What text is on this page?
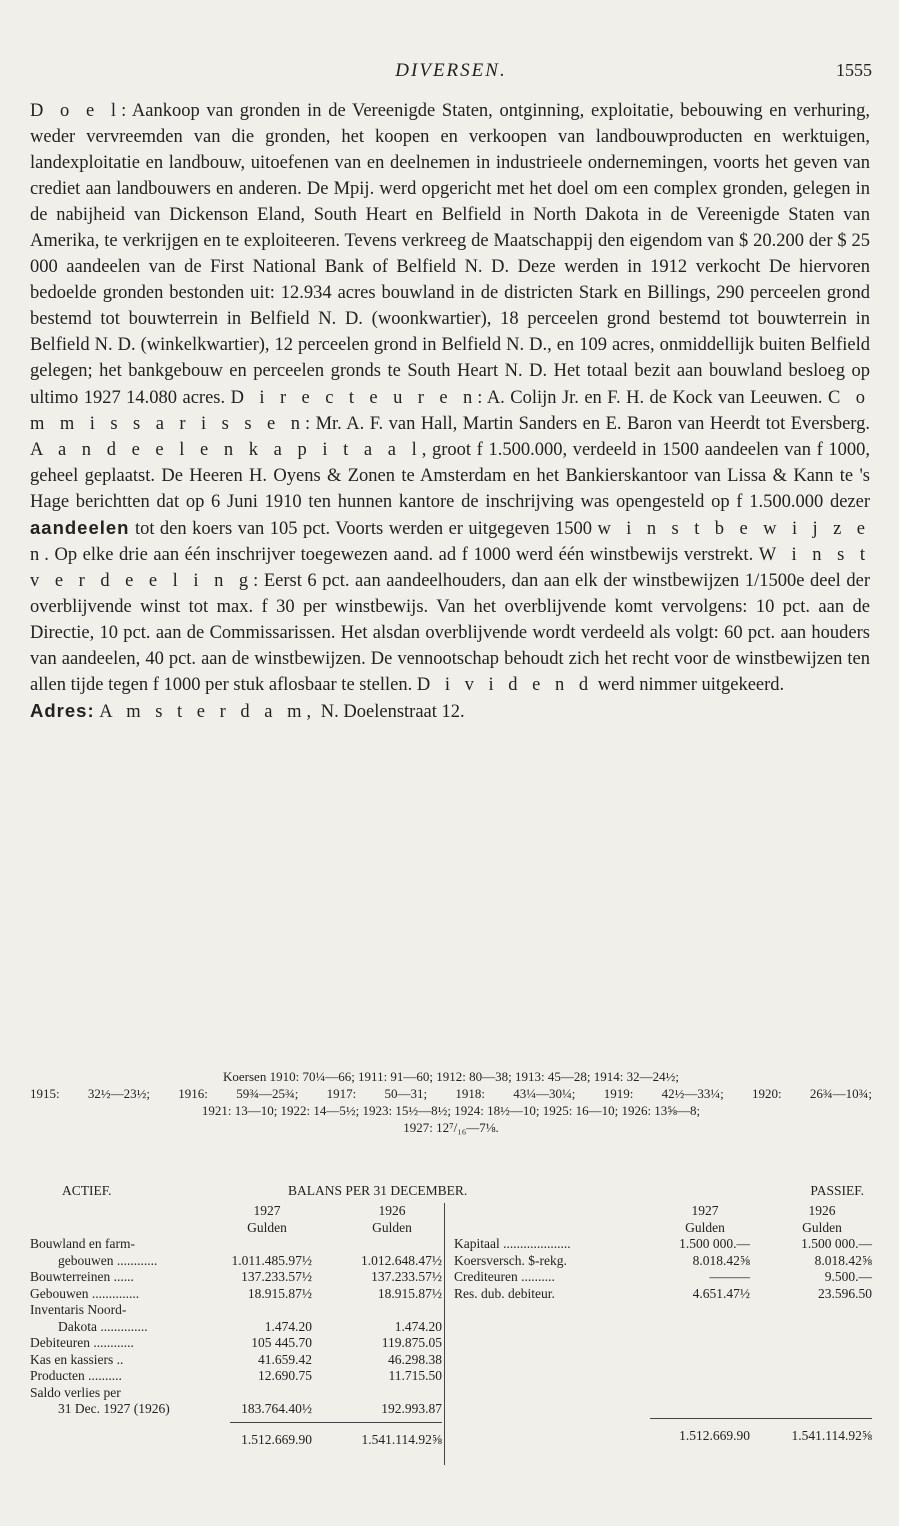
DIVERSEN.	1555

D o e l: Aankoop van gronden in de Vereenigde Staten, ontginning, exploitatie, bebouwing en verhuring, weder vervreemden van die gronden, het koopen en verkoopen van landbouwproducten en werktuigen, landexploitatie en landbouw, uitoefenen van en deelnemen in industrieele ondernemingen, voorts het geven van crediet aan landbouwers en anderen. De Mpij. werd opgericht met het doel om een complex gronden, gelegen in de nabijheid van Dickenson Eland, South Heart en Belfield in North Dakota in de Vereenigde Staten van Amerika, te verkrijgen en te exploiteeren. Tevens verkreeg de Maatschappij den eigendom van $ 20.200 der $ 25 000 aandeelen van de First National Bank of Belfield N. D. Deze werden in 1912 verkocht De hiervoren bedoelde gronden bestonden uit: 12.934 acres bouwland in de districten Stark en Billings, 290 perceelen grond bestemd tot bouwterrein in Belfield N. D. (woonkwartier), 18 perceelen grond bestemd tot bouwterrein in Belfield N. D. (winkelkwartier), 12 perceelen grond in Belfield N. D., en 109 acres, onmiddellijk buiten Belfield gelegen; het bankgebouw en perceelen gronds te South Heart N. D. Het totaal bezit aan bouwland besloeg op ultimo 1927 14.080 acres. D i r e c t e u r e n: A. Colijn Jr. en F. H. de Kock van Leeuwen. C o m m i s s a r i s s e n: Mr. A. F. van Hall, Martin Sanders en E. Baron van Heerdt tot Eversberg. A a n d e e l e n k a p i t a a l, groot f 1.500.000, verdeeld in 1500 aandeelen van f 1000, geheel geplaatst. De Heeren H. Oyens & Zonen te Amsterdam en het Bankierskantoor van Lissa & Kann te 's Hage berichtten dat op 6 Juni 1910 ten hunnen kantore de inschrijving was opengesteld op f 1.500.000 dezer aandeelen tot den koers van 105 pct. Voorts werden er uitgegeven 1500 w i n s t b e w i j z e n. Op elke drie aan één inschrijver toegewezen aand. ad f 1000 werd één winstbewijs verstrekt. W i n s t v e r d e e l i n g: Eerst 6 pct. aan aandeelhouders, dan aan elk der winstbewijzen 1/1500e deel der overblijvende winst tot max. f 30 per winstbewijs. Van het overblijvende komt vervolgens: 10 pct. aan de Directie, 10 pct. aan de Commissarissen. Het alsdan overblijvende wordt verdeeld als volgt: 60 pct. aan houders van aandeelen, 40 pct. aan de winstbewijzen. De vennootschap behoudt zich het recht voor de winstbewijzen ten allen tijde tegen f 1000 per stuk aflosbaar te stellen. D i v i d e n d werd nimmer uitgekeerd.

Adres: A m s t e r d a m, N. Doelenstraat 12.

Koersen 1910: 70¼—66; 1911: 91—60; 1912: 80—38; 1913: 45—28; 1914: 32—24½;
1915: 32½—23½; 1916: 59¾—25¾; 1917: 50—31; 1918: 43¼—30¼; 1919: 42½—33¼; 1920: 26¾—10¾;
1921: 13—10; 1922: 14—5½; 1923: 15½—8½; 1924: 18½—10; 1925: 16—10; 1926: 13⅝—8;
1927: 12⁷/₁₆—7⅛.
ACTIEF.	BALANS PER 31 DECEMBER.	PASSIEF.
1927	1926
Gulden	Gulden
Bouwland en farm-
gebouwen ............	1.011.485.97½	1.012.648.47½
Bouwterreinen ......	137.233.57½	137.233.57½
Gebouwen ..............	18.915.87½	18.915.87½
Inventaris Noord-
Dakota ..............	1.474.20	1.474.20
Debiteuren ............	105 445.70	119.875.05
Kas en kassiers ..	41.659.42	46.298.38
Producten ..........	12.690.75	11.715.50
Saldo verlies per
31 Dec. 1927 (1926)	183.764.40½	192.993.87
1.512.669.90	1.541.114.92⅝
1927	1926
Gulden	Gulden
Kapitaal ....................	1.500 000.—	1.500 000.—
Koersversch. $-rekg.	8.018.42⅝	8.018.42⅝
Crediteuren ..........	———	9.500.—
Res. dub. debiteur.	4.651.47½	23.596.50
1.512.669.90	1.541.114.92⅝
